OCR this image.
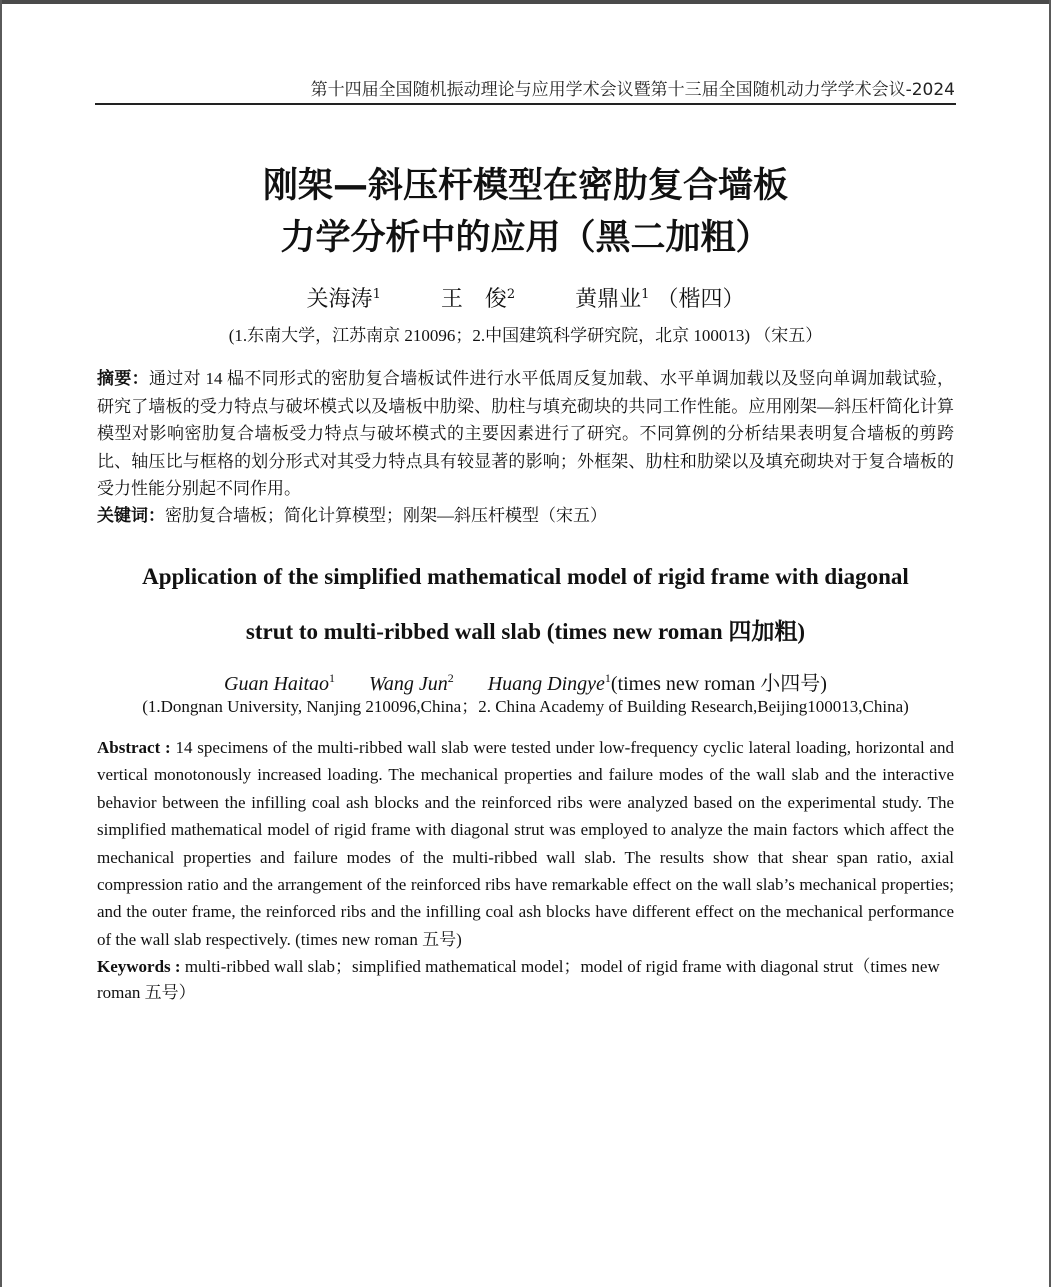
第十四届全国随机振动理论与应用学术会议暨第十三届全国随机动力学学术会议-2024
刚架—斜压杆模型在密肋复合墙板
力学分析中的应用（黑二加粗）
关海涛$^1$	王　俊$^2$	黄鼎业$^1$ （楷四）
(1.东南大学，江苏南京 210096；2.中国建筑科学研究院，北京 100013) （宋五）
摘要：通过对 14 榀不同形式的密肋复合墙板试件进行水平低周反复加载、水平单调加载以及竖向单调加载试验，研究了墙板的受力特点与破坏模式以及墙板中肋梁、肋柱与填充砌块的共同工作性能。应用刚架—斜压杆简化计算模型对影响密肋复合墙板受力特点与破坏模式的主要因素进行了研究。不同算例的分析结果表明复合墙板的剪跨比、轴压比与框格的划分形式对其受力特点具有较显著的影响；外框架、肋柱和肋梁以及填充砌块对于复合墙板的受力性能分别起不同作用。
关键词：密肋复合墙板；简化计算模型；刚架—斜压杆模型（宋五）
Application of the simplified mathematical model of rigid frame with diagonal
strut to multi-ribbed wall slab (times new roman 四加粗)
Guan Haitao$^1$ Wang Jun$^2$ Huang Dingye$^1$(times new roman 小四号)
(1.Dongnan University, Nanjing 210096,China；2. China Academy of Building Research,Beijing100013,China)
Abstract : 14 specimens of the multi-ribbed wall slab were tested under low-frequency cyclic lateral loading, horizontal and vertical monotonously increased loading. The mechanical properties and failure modes of the wall slab and the interactive behavior between the infilling coal ash blocks and the reinforced ribs were analyzed based on the experimental study. The simplified mathematical model of rigid frame with diagonal strut was employed to analyze the main factors which affect the mechanical properties and failure modes of the multi-ribbed wall slab. The results show that shear span ratio, axial compression ratio and the arrangement of the reinforced ribs have remarkable effect on the wall slab’s mechanical properties; and the outer frame, the reinforced ribs and the infilling coal ash blocks have different effect on the mechanical performance of the wall slab respectively. (times new roman 五号)
Keywords : multi-ribbed wall slab；simplified mathematical model；model of rigid frame with diagonal strut（times new roman 五号）
